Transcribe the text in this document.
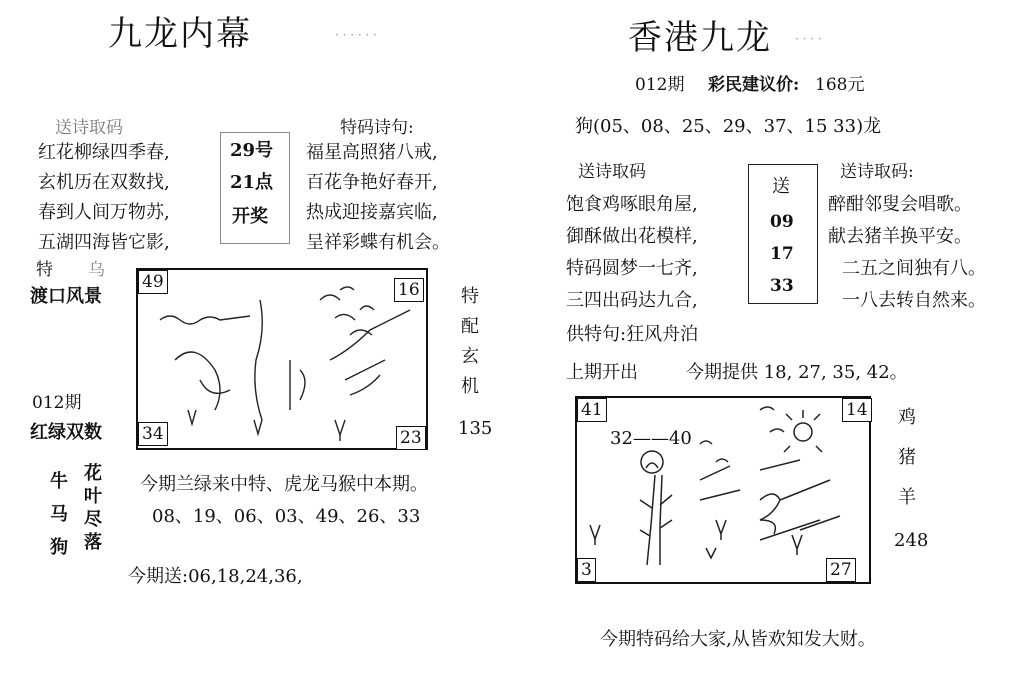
九龙内幕	· · · · · ·
送诗取码	特码诗句:
红花柳绿四季春,
玄机历在双数找,
春到人间万物苏,
五湖四海皆它影,
29号
21点
开奖
福星高照猪八戒,
百花争艳好春开,
热成迎接嘉宾临,
呈祥彩蝶有机会。
特 乌
渡口风景
012期
红绿双数
49	16
34	23
特
配
玄
机
135
牛
马
狗
花
叶
尽
落
今期兰绿来中特、虎龙马猴中本期。
08、19、06、03、49、26、33
今期送:06,18,24,36,
香港九龙 · · · ·
012期 彩民建议价: 168元
狗(05、08、25、29、37、15 33)龙
送诗取码	送诗取码:
饱食鸡啄眼角屋,
御酥做出花模样,
特码圆梦一七齐,
三四出码达九合,
送
09
17
33
醉酣邻叟会唱歌。
献去猪羊换平安。
二五之间独有八。
一八去转自然来。
供特句:狂风舟泊
上期开出	今期提供 18, 27, 35, 42。
41	14
3	27
32——40
鸡
猪
羊
248
今期特码给大家,从皆欢知发大财。
